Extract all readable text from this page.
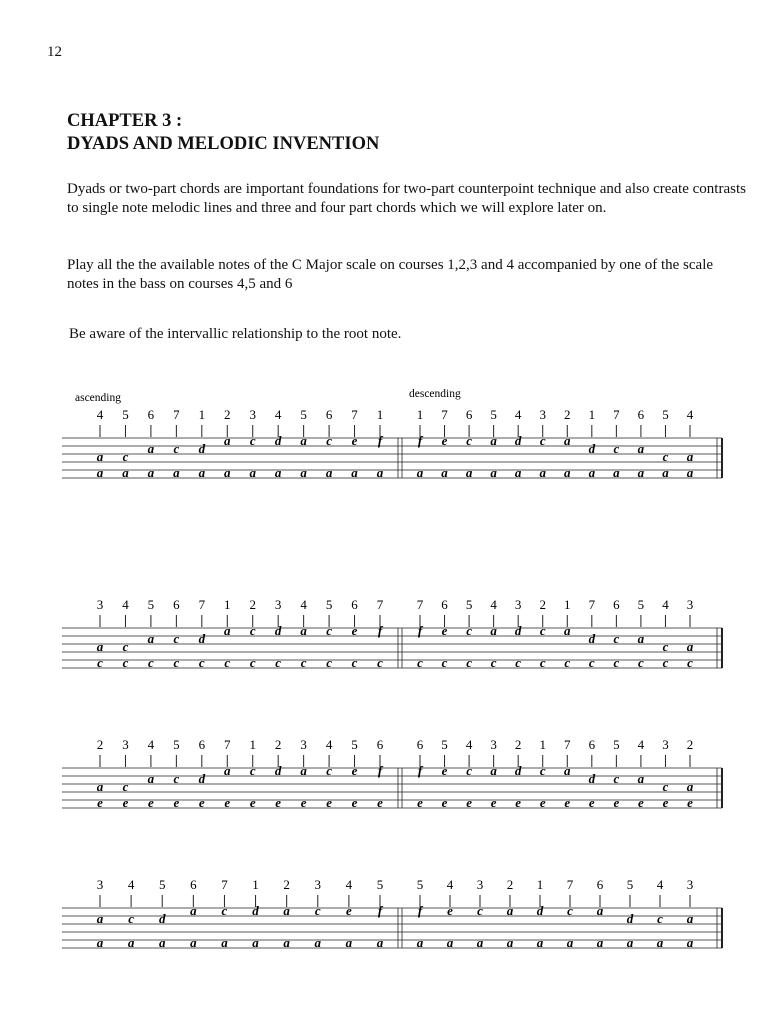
12
CHAPTER 3 :
DYADS AND MELODIC INVENTION

Dyads or two-part chords are important foundations for two-part counterpoint technique and also create contrasts to single note melodic lines and three and four part chords which we will explore later on.

Play all the the available notes of the C Major scale on courses 1,2,3 and 4 accompanied by one of the scale notes in the bass on courses 4,5 and 6

Be aware of the intervallic relationship to the root note.

ascending	descending
4
a
a
5
c
a
6
a
a
7
c
a
1
d
a
2
a
a
3
c
a
4
d
a
5
a
a
6
c
a
7
e
a
1
f
a
1
f
a
7
e
a
6
c
a
5
a
a
4
d
a
3
c
a
2
a
a
1
d
a
7
c
a
6
a
a
5
c
a
4
a
a
3
a
c
4
c
c
5
a
c
6
c
c
7
d
c
1
a
c
2
c
c
3
d
c
4
a
c
5
c
c
6
e
c
7
f
c
7
f
c
6
e
c
5
c
c
4
a
c
3
d
c
2
c
c
1
a
c
7
d
c
6
c
c
5
a
c
4
c
c
3
a
c
2
a
e
3
c
e
4
a
e
5
c
e
6
d
e
7
a
e
1
c
e
2
d
e
3
a
e
4
c
e
5
e
e
6
f
e
6
f
e
5
e
e
4
c
e
3
a
e
2
d
e
1
c
e
7
a
e
6
d
e
5
c
e
4
a
e
3
c
e
2
a
e
3
a
a
4
c
a
5
d
a
6
a
a
7
c
a
1
d
a
2
a
a
3
c
a
4
e
a
5
f
a
5
f
a
4
e
a
3
c
a
2
a
a
1
d
a
7
c
a
6
a
a
5
d
a
4
c
a
3
a
a
